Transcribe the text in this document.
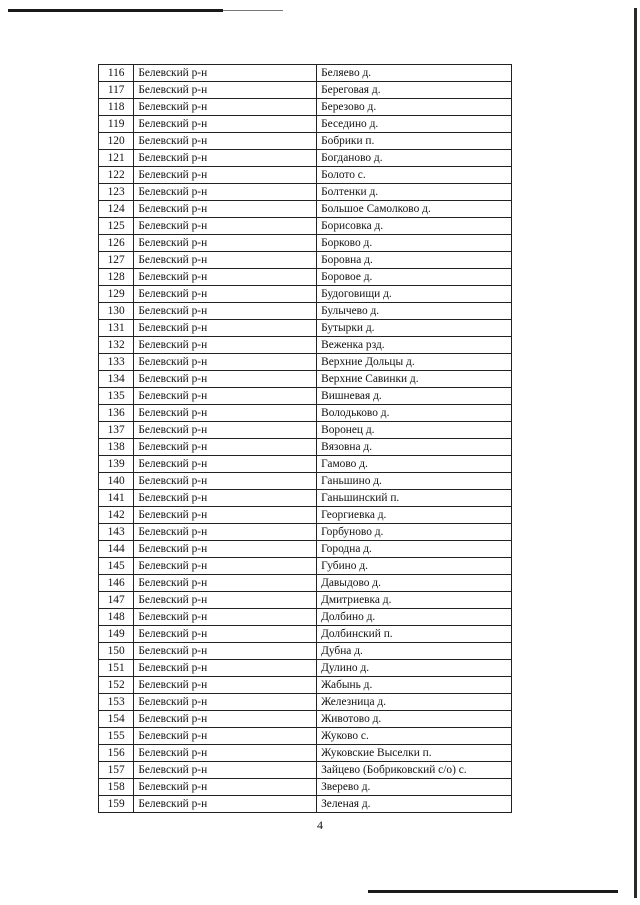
116	Белевский р-н	Беляево д.
117	Белевский р-н	Береговая д.
118	Белевский р-н	Березово д.
119	Белевский р-н	Беседино д.
120	Белевский р-н	Бобрики п.
121	Белевский р-н	Богданово д.
122	Белевский р-н	Болото с.
123	Белевский р-н	Болтенки д.
124	Белевский р-н	Большое Самолково д.
125	Белевский р-н	Борисовка д.
126	Белевский р-н	Борково д.
127	Белевский р-н	Боровна д.
128	Белевский р-н	Боровое д.
129	Белевский р-н	Будоговищи д.
130	Белевский р-н	Булычево д.
131	Белевский р-н	Бутырки д.
132	Белевский р-н	Веженка рзд.
133	Белевский р-н	Верхние Дольцы д.
134	Белевский р-н	Верхние Савинки д.
135	Белевский р-н	Вишневая д.
136	Белевский р-н	Володьково д.
137	Белевский р-н	Воронец д.
138	Белевский р-н	Вязовна д.
139	Белевский р-н	Гамово д.
140	Белевский р-н	Ганьшино д.
141	Белевский р-н	Ганьшинский п.
142	Белевский р-н	Георгиевка д.
143	Белевский р-н	Горбуново д.
144	Белевский р-н	Городна д.
145	Белевский р-н	Губино д.
146	Белевский р-н	Давыдово д.
147	Белевский р-н	Дмитриевка д.
148	Белевский р-н	Долбино д.
149	Белевский р-н	Долбинский п.
150	Белевский р-н	Дубна д.
151	Белевский р-н	Дулино д.
152	Белевский р-н	Жабынь д.
153	Белевский р-н	Железница д.
154	Белевский р-н	Животово д.
155	Белевский р-н	Жуково с.
156	Белевский р-н	Жуковские Выселки п.
157	Белевский р-н	Зайцево (Бобриковский с/о) с.
158	Белевский р-н	Зверево д.
159	Белевский р-н	Зеленая д.
4
